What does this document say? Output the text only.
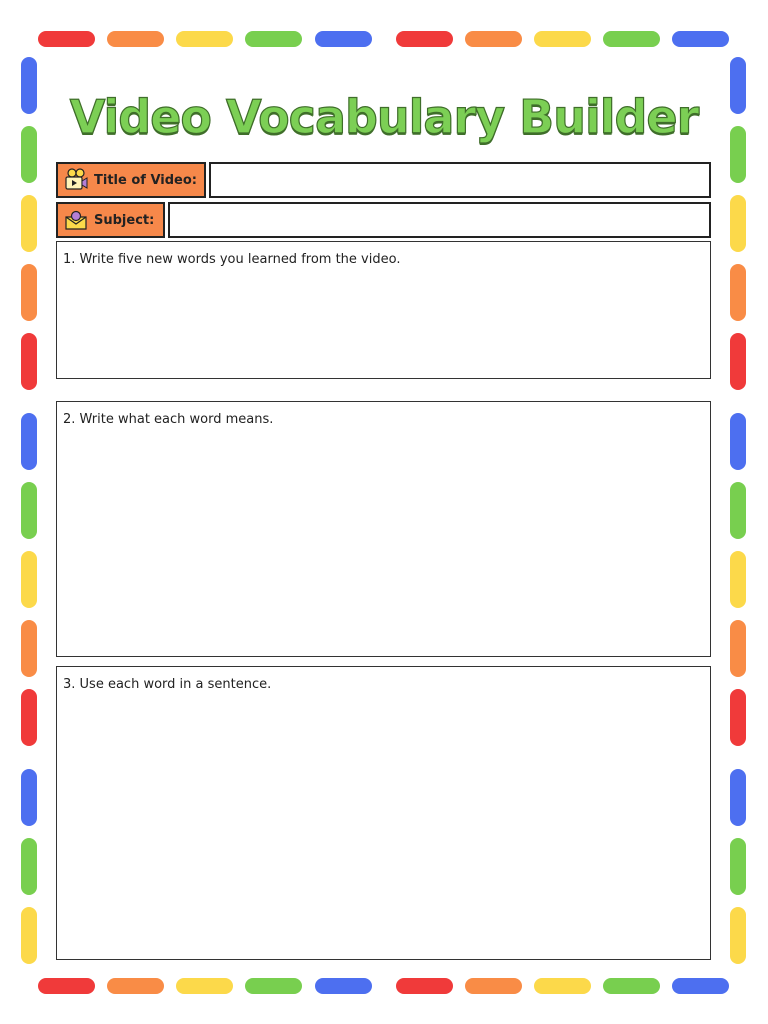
Video Vocabulary Builder
Title of Video:
Subject:
1. Write five new words you learned from the video.
2. Write what each word means.
3. Use each word in a sentence.
